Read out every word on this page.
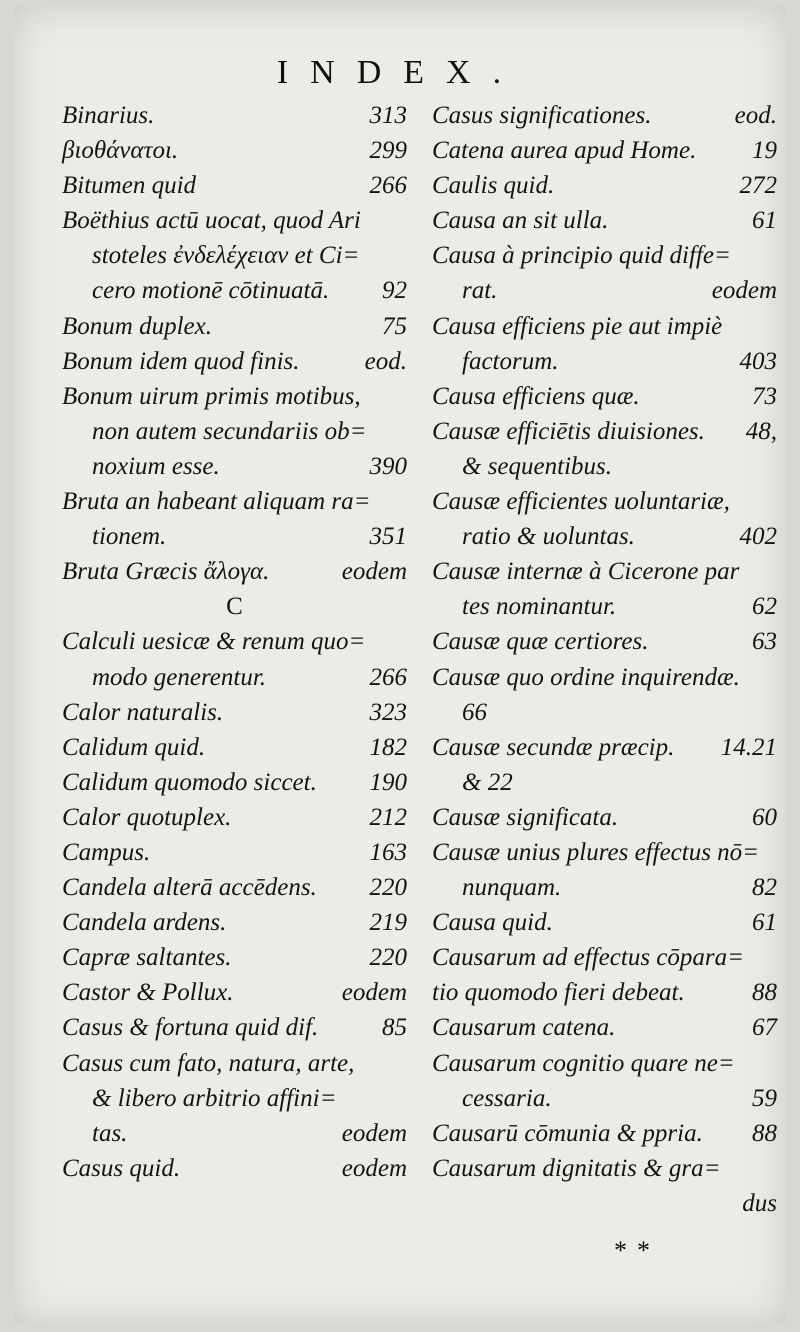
INDEX.
Binarius.	313
βιοθάνατοι.	299
Bitumen quid	266
Boëthius actū uocat, quod Ari
stoteles ἐνδελέχειαν et Ci=
cero motionē cōtinuatā. 92
Bonum duplex.	75
Bonum idem quod finis.	eod.
Bonum uirum primis motibus,
non autem secundariis ob=
noxium esse.	390
Bruta an habeant aliquam ra=
tionem.	351
Bruta Græcis ἄλογα.	eodem
C
Calculi uesicæ & renum quo=
modo generentur.	266
Calor naturalis.	323
Calidum quid.	182
Calidum quomodo siccet. 190
Calor quotuplex.	212
Campus.	163
Candela alterā accēdens. 220
Candela ardens.	219
Capræ saltantes.	220
Castor & Pollux.	eodem
Casus & fortuna quid dif.	85
Casus cum fato, natura, arte,
& libero arbitrio affini=
tas.	eodem
Casus quid.	eodem
Casus significationes.	eod.
Catena aurea apud Home. 19
Caulis quid.	272
Causa an sit ulla.	61
Causa à principio quid diffe=
rat.	eodem
Causa efficiens pie aut impiè
factorum.	403
Causa efficiens quæ.	73
Causæ efficiētis diuisiones. 48,
& sequentibus.
Causæ efficientes uoluntariæ,
ratio & uoluntas.	402
Causæ internæ à Cicerone par
tes nominantur.	62
Causæ quæ certiores.	63
Causæ quo ordine inquirendæ.
66
Causæ secundæ præcip. 14.21
& 22
Causæ significata.	60
Causæ unius plures effectus nō=
nunquam.	82
Causa quid.	61
Causarum ad effectus cōpara=
tio quomodo fieri debeat.	88
Causarum catena.	67
Causarum cognitio quare ne=
cessaria.	59
Causarū cōmunia & ppria. 88
Causarum dignitatis & gra=
dus
**
